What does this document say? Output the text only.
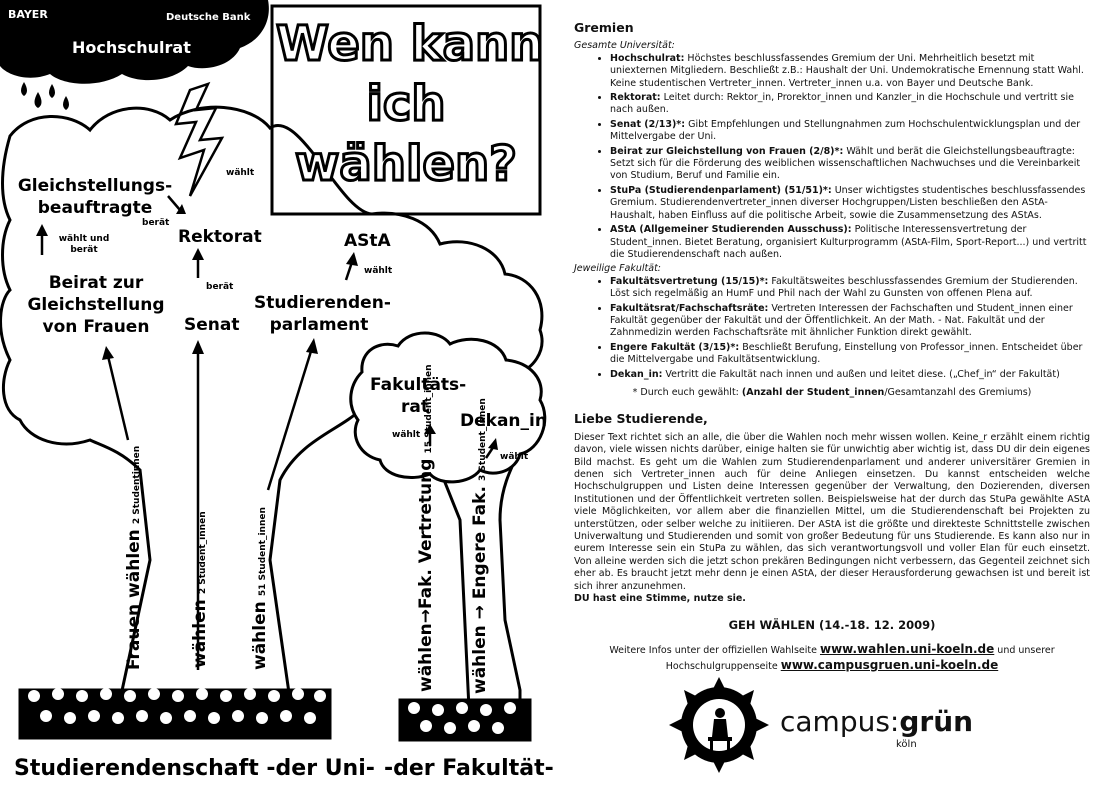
BAYER	Deutsche Bank
Hochschulrat Wen kann
ich
wählen?
wählt
Gleichstellungs-
beauftragte
berät
Rektorat	AStA
wählt und berät
wählt
Beirat zur
Gleichstellung
von Frauen
berät
Studierenden-
parlament
Senat
Fakultäts-
rat
Dekan_in
wählt
wählt
Frauen wählen 2 Studentinnen
wählen 2 Student_innen
wählen 51 Student_innen	wählen→Fak. Vertretung 15 Student_innen
wählen → Engere Fak. 3 Student_innen
Studierendenschaft -der Uni- -der Fakultät-
Gremien

Gesamte Universität:

• Hochschulrat: Höchstes beschlussfassendes Gremium der Uni. Mehrheitlich besetzt mit uniexternen Mitgliedern. Beschließt z.B.: Haushalt der Uni. Undemokratische Ernennung statt Wahl. Keine studentischen Vertreter_innen. Vertreter_innen u.a. von Bayer und Deutsche Bank.
• Rektorat: Leitet durch: Rektor_in, Prorektor_innen und Kanzler_in die Hochschule und vertritt sie nach außen.
• Senat (2/13)*: Gibt Empfehlungen und Stellungnahmen zum Hochschulentwicklungsplan und der Mittelvergabe der Uni.
• Beirat zur Gleichstellung von Frauen (2/8)*: Wählt und berät die Gleichstellungsbeauftragte: Setzt sich für die Förderung des weiblichen wissenschaftlichen Nachwuchses und die Vereinbarkeit von Studium, Beruf und Familie ein.
• StuPa (Studierendenparlament) (51/51)*: Unser wichtigstes studentisches beschlussfassendes Gremium. Studierendenvertreter_innen diverser Hochgruppen/Listen beschließen den AStA-Haushalt, haben Einfluss auf die politische Arbeit, sowie die Zusammensetzung des AStAs.
• AStA (Allgemeiner Studierenden Ausschuss): Politische Interessensvertretung der Student_innen. Bietet Beratung, organisiert Kulturprogramm (AStA-Film, Sport-Report...) und vertritt die Studierendenschaft nach außen.

Jeweilige Fakultät:

• Fakultätsvertretung (15/15)*: Fakultätsweites beschlussfassendes Gremium der Studierenden. Löst sich regelmäßig an HumF und Phil nach der Wahl zu Gunsten von offenen Plena auf.
• Fakultätsrat/Fachschaftsräte: Vertreten Interessen der Fachschaften und Student_innen einer Fakultät gegenüber der Fakultät und der Öffentlichkeit. An der Math. - Nat. Fakultät und der Zahnmedizin werden Fachschaftsräte mit ähnlicher Funktion direkt gewählt.
• Engere Fakultät (3/15)*: Beschließt Berufung, Einstellung von Professor_innen. Entscheidet über die Mittelvergabe und Fakultätsentwicklung.
• Dekan_in: Vertritt die Fakultät nach innen und außen und leitet diese. („Chef_in“ der Fakultät)

* Durch euch gewählt: (Anzahl der Student_innen/Gesamtanzahl des Gremiums)

Liebe Studierende,

Dieser Text richtet sich an alle, die über die Wahlen noch mehr wissen wollen. Keine_r erzählt einem richtig davon, viele wissen nichts darüber, einige halten sie für unwichtig aber wichtig ist, dass DU dir dein eigenes Bild machst. Es geht um die Wahlen zum Studierendenparlament und anderer universitärer Gremien in denen sich Vertreter_innen auch für deine Anliegen einsetzen. Du kannst entscheiden welche Hochschulgruppen und Listen deine Interessen gegenüber der Verwaltung, den Dozierenden, diversen Institutionen und der Öffentlichkeit vertreten sollen. Beispielsweise hat der durch das StuPa gewählte AStA viele Möglichkeiten, vor allem aber die finanziellen Mittel, um die Studierendenschaft bei Projekten zu unterstützen, oder selber welche zu initiieren. Der AStA ist die größte und direkteste Schnittstelle zwischen Univerwaltung und Studierenden und somit von großer Bedeutung für uns Studierende. Es kann also nur in eurem Interesse sein ein StuPa zu wählen, das sich verantwortungsvoll und voller Elan für euch einsetzt. Von alleine werden sich die jetzt schon prekären Bedingungen nicht verbessern, das Gegenteil zeichnet sich eher ab. Es braucht jetzt mehr denn je einen AStA, der dieser Herausforderung gewachsen ist und bereit ist sich ihrer anzunehmen.

DU hast eine Stimme, nutze sie.

GEH WÄHLEN (14.-18. 12. 2009)
Weitere Infos unter der offiziellen Wahlseite www.wahlen.uni-koeln.de und unserer
Hochschulgruppenseite www.campusgruen.uni-koeln.de
campus:grün
köln
